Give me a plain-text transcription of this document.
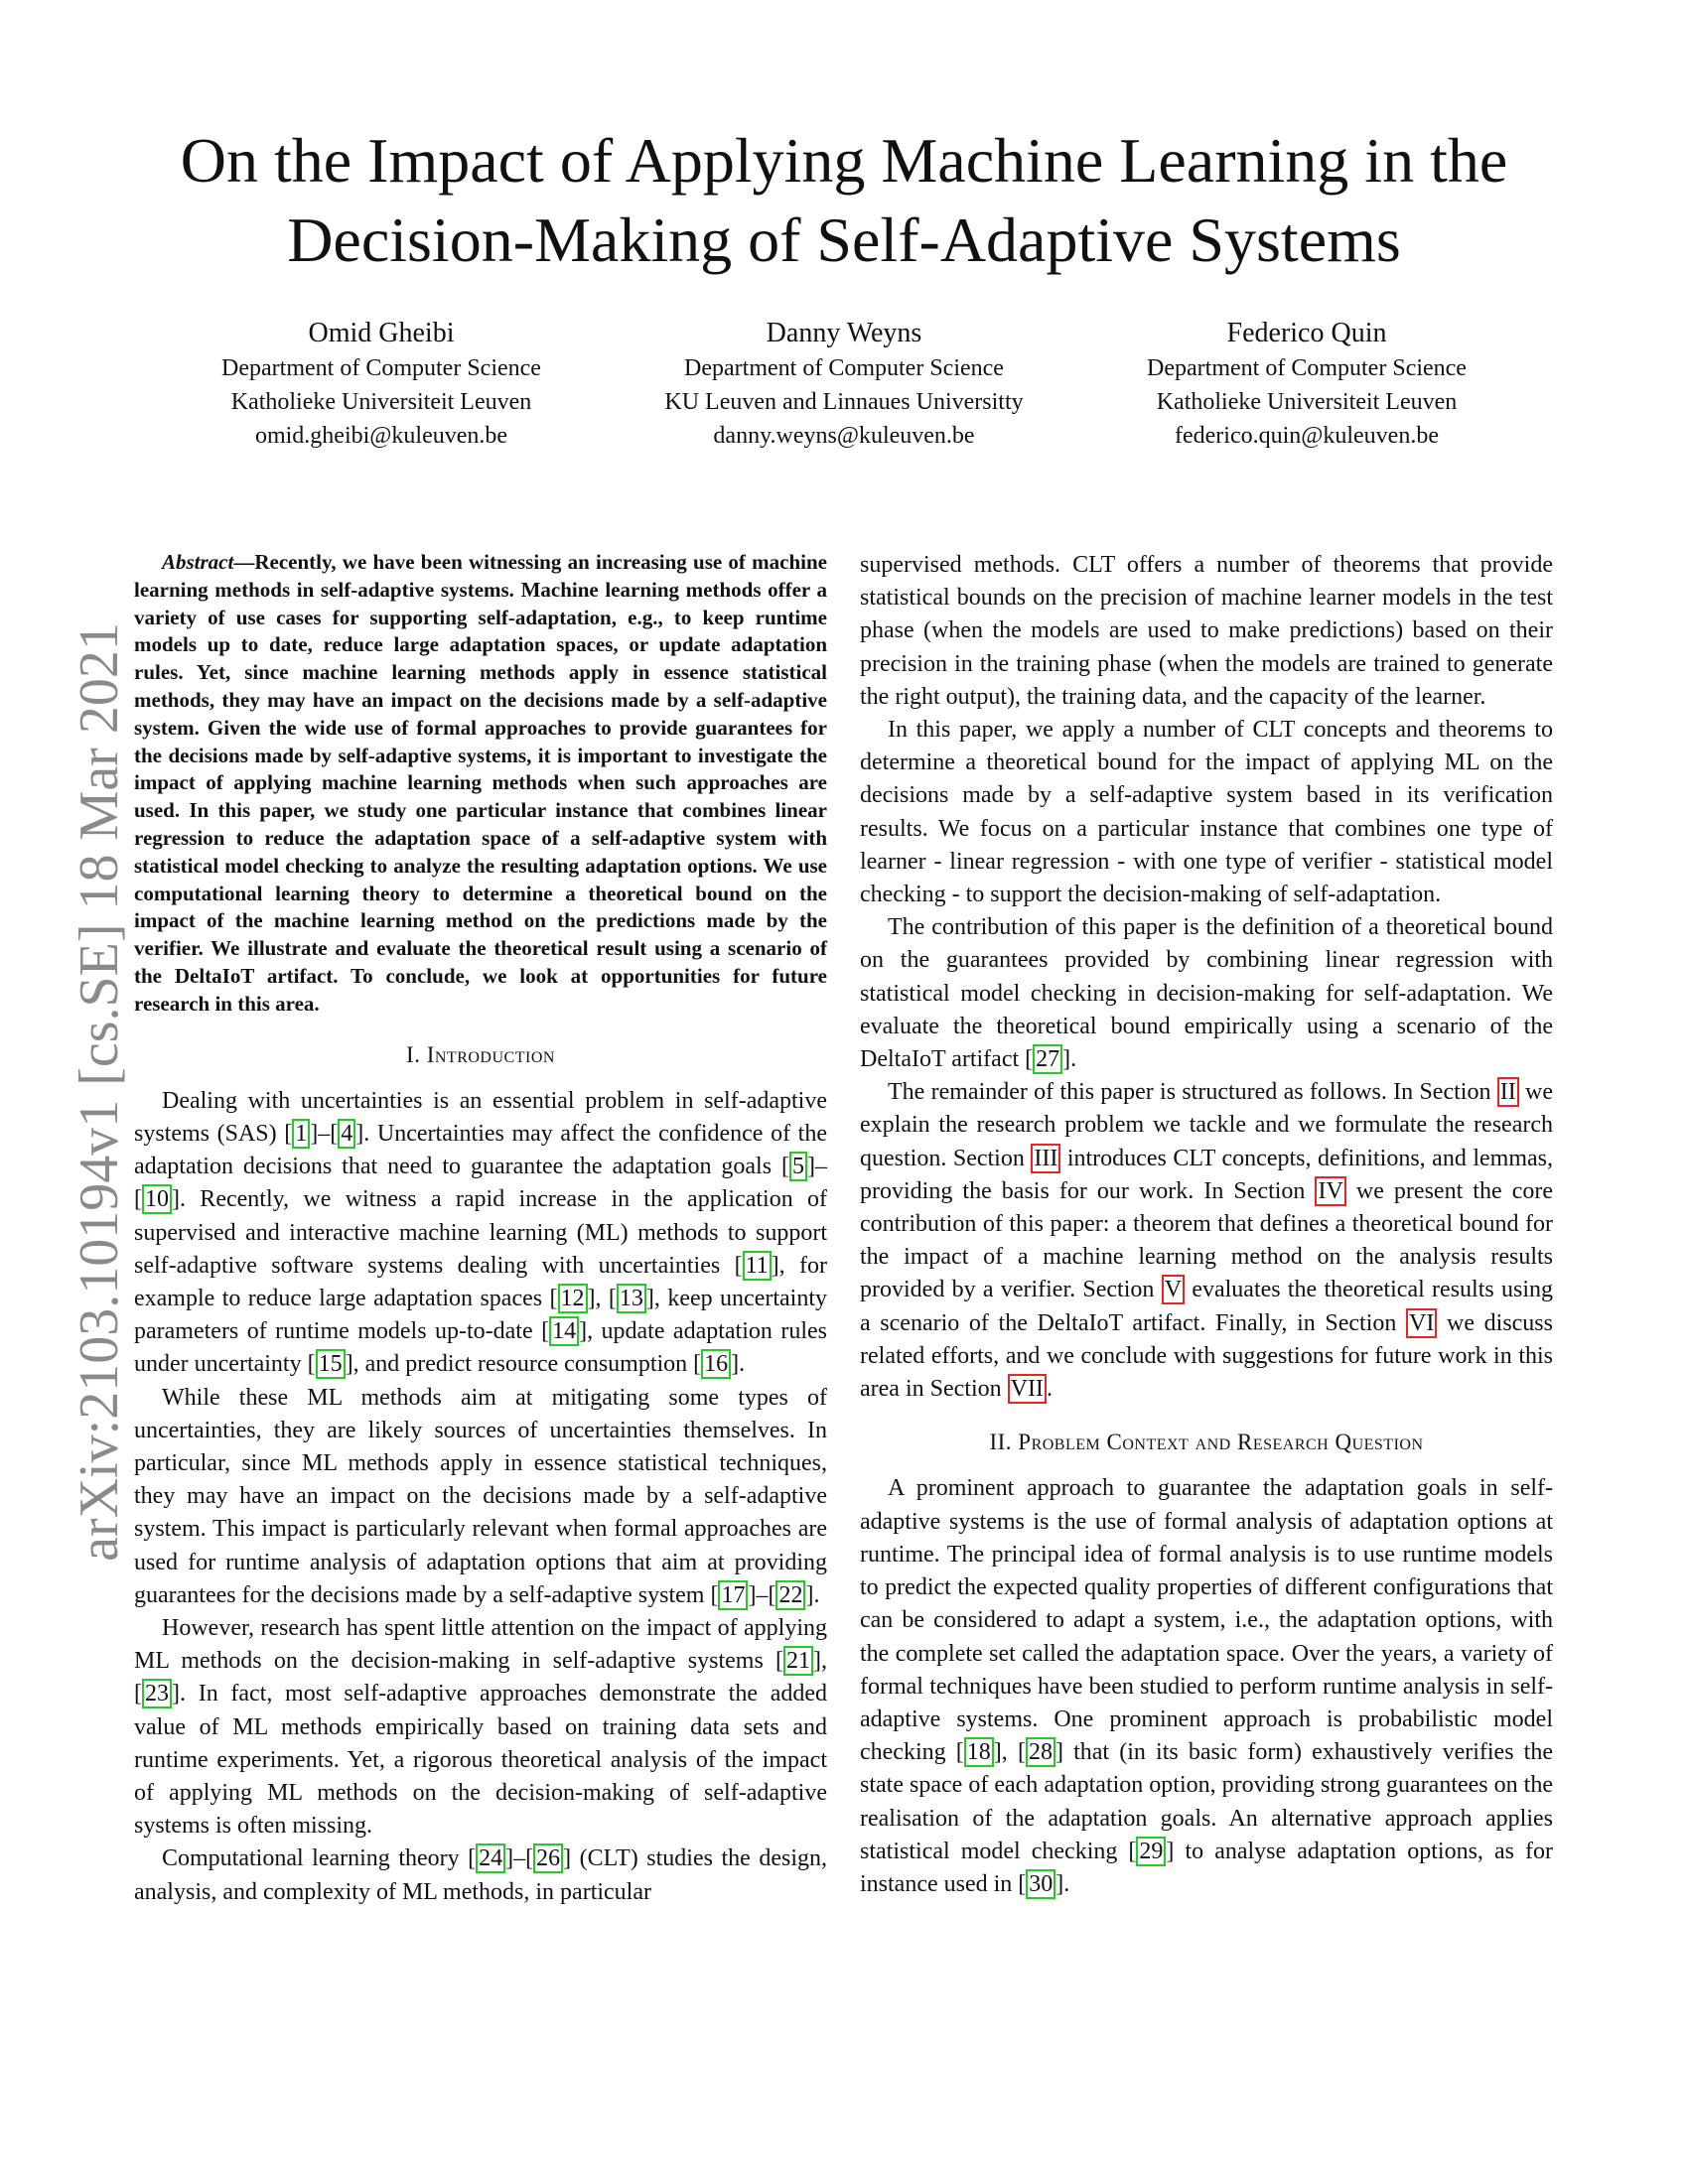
arXiv:2103.10194v1 [cs.SE] 18 Mar 2021
On the Impact of Applying Machine Learning in the Decision-Making of Self-Adaptive Systems
Omid Gheibi
Department of Computer Science
Katholieke Universiteit Leuven
omid.gheibi@kuleuven.be
Danny Weyns
Department of Computer Science
KU Leuven and Linnaues Universitty
danny.weyns@kuleuven.be
Federico Quin
Department of Computer Science
Katholieke Universiteit Leuven
federico.quin@kuleuven.be

Abstract—Recently, we have been witnessing an increasing use of machine learning methods in self-adaptive systems. Machine learning methods offer a variety of use cases for supporting self-adaptation, e.g., to keep runtime models up to date, reduce large adaptation spaces, or update adaptation rules. Yet, since machine learning methods apply in essence statistical methods, they may have an impact on the decisions made by a self-adaptive system. Given the wide use of formal approaches to provide guarantees for the decisions made by self-adaptive systems, it is important to investigate the impact of applying machine learning methods when such approaches are used. In this paper, we study one particular instance that combines linear regression to reduce the adaptation space of a self-adaptive system with statistical model checking to analyze the resulting adaptation options. We use computational learning theory to determine a theoretical bound on the impact of the machine learning method on the predictions made by the verifier. We illustrate and evaluate the theoretical result using a scenario of the DeltaIoT artifact. To conclude, we look at opportunities for future research in this area.

I. Introduction

Dealing with uncertainties is an essential problem in self-adaptive systems (SAS) [ 1 ]–[ 4 ]. Uncertainties may affect the confidence of the adaptation decisions that need to guarantee the adaptation goals [ 5 ]–[ 10 ]. Recently, we witness a rapid increase in the application of supervised and interactive machine learning (ML) methods to support self-adaptive software systems dealing with uncertainties [ 11 ], for example to reduce large adaptation spaces [ 12 ], [ 13 ], keep uncertainty parameters of runtime models up-to-date [ 14 ], update adaptation rules under uncertainty [ 15 ], and predict resource consumption [ 16 ].

While these ML methods aim at mitigating some types of uncertainties, they are likely sources of uncertainties themselves. In particular, since ML methods apply in essence statistical techniques, they may have an impact on the decisions made by a self-adaptive system. This impact is particularly relevant when formal approaches are used for runtime analysis of adaptation options that aim at providing guarantees for the decisions made by a self-adaptive system [ 17 ]–[ 22 ].

However, research has spent little attention on the impact of applying ML methods on the decision-making in self-adaptive systems [ 21 ], [ 23 ]. In fact, most self-adaptive approaches demonstrate the added value of ML methods empirically based on training data sets and runtime experiments. Yet, a rigorous theoretical analysis of the impact of applying ML methods on the decision-making of self-adaptive systems is often missing.

Computational learning theory [ 24 ]–[ 26 ] (CLT) studies the design, analysis, and complexity of ML methods, in particular

supervised methods. CLT offers a number of theorems that provide statistical bounds on the precision of machine learner models in the test phase (when the models are used to make predictions) based on their precision in the training phase (when the models are trained to generate the right output), the training data, and the capacity of the learner.

In this paper, we apply a number of CLT concepts and theorems to determine a theoretical bound for the impact of applying ML on the decisions made by a self-adaptive system based in its verification results. We focus on a particular instance that combines one type of learner - linear regression - with one type of verifier - statistical model checking - to support the decision-making of self-adaptation.

The contribution of this paper is the definition of a theoretical bound on the guarantees provided by combining linear regression with statistical model checking in decision-making for self-adaptation. We evaluate the theoretical bound empirically using a scenario of the DeltaIoT artifact [ 27 ].

The remainder of this paper is structured as follows. In Section II we explain the research problem we tackle and we formulate the research question. Section III introduces CLT concepts, definitions, and lemmas, providing the basis for our work. In Section IV we present the core contribution of this paper: a theorem that defines a theoretical bound for the impact of a machine learning method on the analysis results provided by a verifier. Section V evaluates the theoretical results using a scenario of the DeltaIoT artifact. Finally, in Section VI we discuss related efforts, and we conclude with suggestions for future work in this area in Section VII .

II. Problem Context and Research Question

A prominent approach to guarantee the adaptation goals in self-adaptive systems is the use of formal analysis of adaptation options at runtime. The principal idea of formal analysis is to use runtime models to predict the expected quality properties of different configurations that can be considered to adapt a system, i.e., the adaptation options, with the complete set called the adaptation space. Over the years, a variety of formal techniques have been studied to perform runtime analysis in self-adaptive systems. One prominent approach is probabilistic model checking [ 18 ], [ 28 ] that (in its basic form) exhaustively verifies the state space of each adaptation option, providing strong guarantees on the realisation of the adaptation goals. An alternative approach applies statistical model checking [ 29 ] to analyse adaptation options, as for instance used in [ 30 ].
